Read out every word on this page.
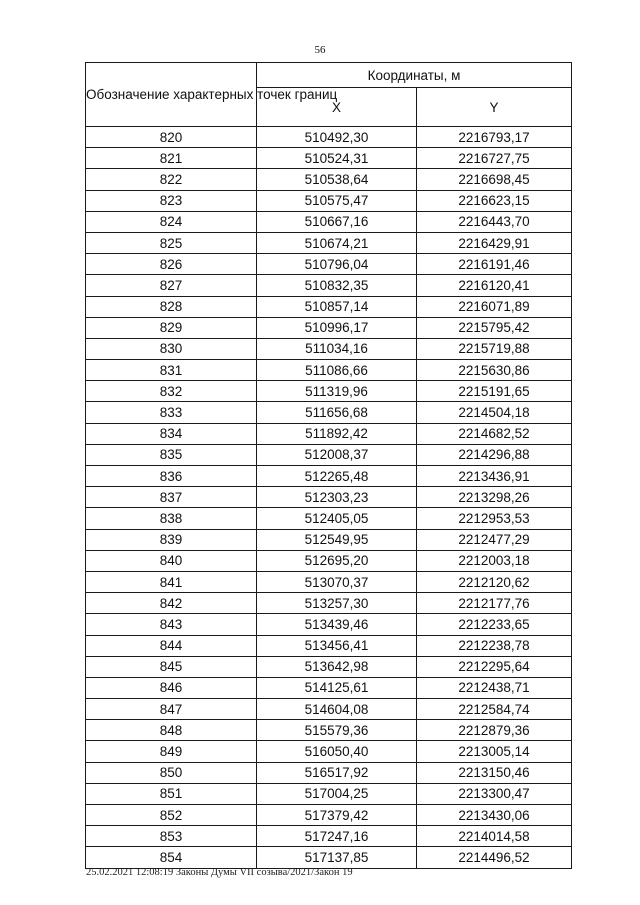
56
Обозначение характерных точек границ	Координаты, м	
	X	Y
820	510492,30	2216793,17
821	510524,31	2216727,75
822	510538,64	2216698,45
823	510575,47	2216623,15
824	510667,16	2216443,70
825	510674,21	2216429,91
826	510796,04	2216191,46
827	510832,35	2216120,41
828	510857,14	2216071,89
829	510996,17	2215795,42
830	511034,16	2215719,88
831	511086,66	2215630,86
832	511319,96	2215191,65
833	511656,68	2214504,18
834	511892,42	2214682,52
835	512008,37	2214296,88
836	512265,48	2213436,91
837	512303,23	2213298,26
838	512405,05	2212953,53
839	512549,95	2212477,29
840	512695,20	2212003,18
841	513070,37	2212120,62
842	513257,30	2212177,76
843	513439,46	2212233,65
844	513456,41	2212238,78
845	513642,98	2212295,64
846	514125,61	2212438,71
847	514604,08	2212584,74
848	515579,36	2212879,36
849	516050,40	2213005,14
850	516517,92	2213150,46
851	517004,25	2213300,47
852	517379,42	2213430,06
853	517247,16	2214014,58
854	517137,85	2214496,52
25.02.2021 12:08:19 Законы Думы VII созыва/2021/Закон 19
